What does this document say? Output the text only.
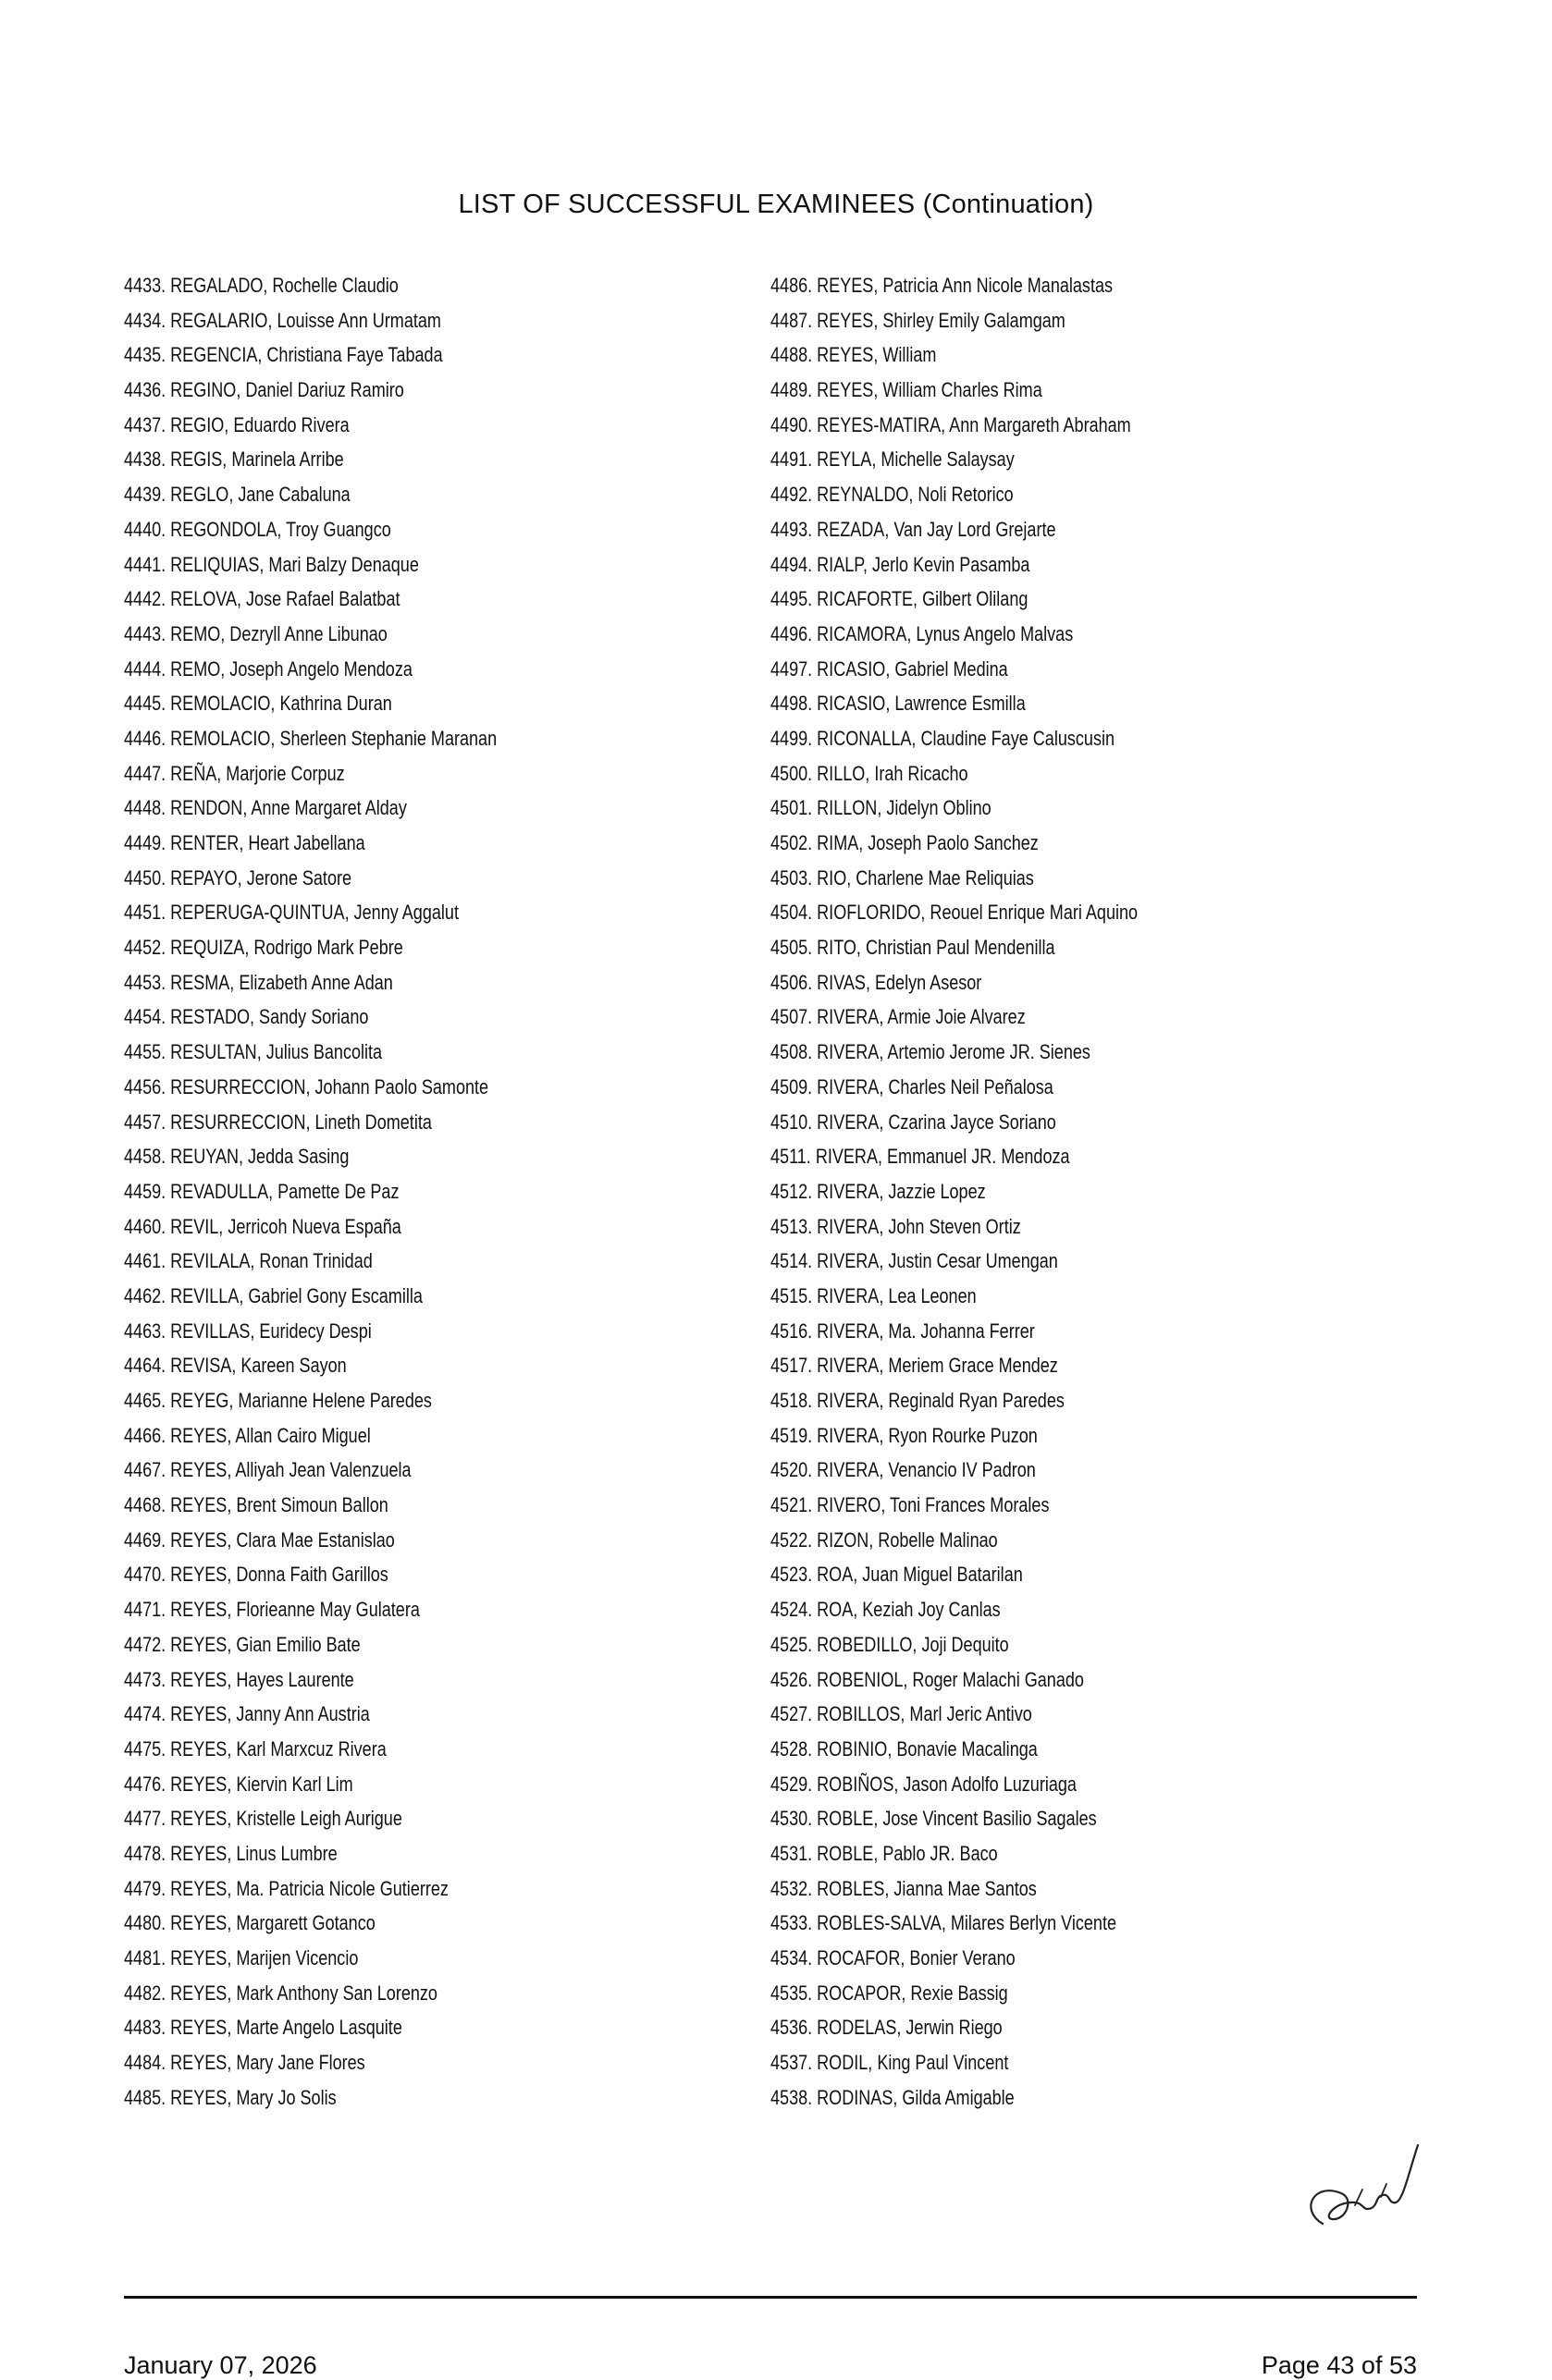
LIST OF SUCCESSFUL EXAMINEES (Continuation)
4433. REGALADO, Rochelle Claudio
4434. REGALARIO, Louisse Ann Urmatam
4435. REGENCIA, Christiana Faye Tabada
4436. REGINO, Daniel Dariuz Ramiro
4437. REGIO, Eduardo Rivera
4438. REGIS, Marinela Arribe
4439. REGLO, Jane Cabaluna
4440. REGONDOLA, Troy Guangco
4441. RELIQUIAS, Mari Balzy Denaque
4442. RELOVA, Jose Rafael Balatbat
4443. REMO, Dezryll Anne Libunao
4444. REMO, Joseph Angelo Mendoza
4445. REMOLACIO, Kathrina Duran
4446. REMOLACIO, Sherleen Stephanie Maranan
4447. REÑA, Marjorie Corpuz
4448. RENDON, Anne Margaret Alday
4449. RENTER, Heart Jabellana
4450. REPAYO, Jerone Satore
4451. REPERUGA-QUINTUA, Jenny Aggalut
4452. REQUIZA, Rodrigo Mark Pebre
4453. RESMA, Elizabeth Anne Adan
4454. RESTADO, Sandy Soriano
4455. RESULTAN, Julius Bancolita
4456. RESURRECCION, Johann Paolo Samonte
4457. RESURRECCION, Lineth Dometita
4458. REUYAN, Jedda Sasing
4459. REVADULLA, Pamette De Paz
4460. REVIL, Jerricoh Nueva España
4461. REVILALA, Ronan Trinidad
4462. REVILLA, Gabriel Gony Escamilla
4463. REVILLAS, Euridecy Despi
4464. REVISA, Kareen Sayon
4465. REYEG, Marianne Helene Paredes
4466. REYES, Allan Cairo Miguel
4467. REYES, Alliyah Jean Valenzuela
4468. REYES, Brent Simoun Ballon
4469. REYES, Clara Mae Estanislao
4470. REYES, Donna Faith Garillos
4471. REYES, Florieanne May Gulatera
4472. REYES, Gian Emilio Bate
4473. REYES, Hayes Laurente
4474. REYES, Janny Ann Austria
4475. REYES, Karl Marxcuz Rivera
4476. REYES, Kiervin Karl Lim
4477. REYES, Kristelle Leigh Aurigue
4478. REYES, Linus Lumbre
4479. REYES, Ma. Patricia Nicole Gutierrez
4480. REYES, Margarett Gotanco
4481. REYES, Marijen Vicencio
4482. REYES, Mark Anthony San Lorenzo
4483. REYES, Marte Angelo Lasquite
4484. REYES, Mary Jane Flores
4485. REYES, Mary Jo Solis
4486. REYES, Patricia Ann Nicole Manalastas
4487. REYES, Shirley Emily Galamgam
4488. REYES, William
4489. REYES, William Charles Rima
4490. REYES-MATIRA, Ann Margareth Abraham
4491. REYLA, Michelle Salaysay
4492. REYNALDO, Noli Retorico
4493. REZADA, Van Jay Lord Grejarte
4494. RIALP, Jerlo Kevin Pasamba
4495. RICAFORTE, Gilbert Olilang
4496. RICAMORA, Lynus Angelo Malvas
4497. RICASIO, Gabriel Medina
4498. RICASIO, Lawrence Esmilla
4499. RICONALLA, Claudine Faye Caluscusin
4500. RILLO, Irah Ricacho
4501. RILLON, Jidelyn Oblino
4502. RIMA, Joseph Paolo Sanchez
4503. RIO, Charlene Mae Reliquias
4504. RIOFLORIDO, Reouel Enrique Mari Aquino
4505. RITO, Christian Paul Mendenilla
4506. RIVAS, Edelyn Asesor
4507. RIVERA, Armie Joie Alvarez
4508. RIVERA, Artemio Jerome JR. Sienes
4509. RIVERA, Charles Neil Peñalosa
4510. RIVERA, Czarina Jayce Soriano
4511. RIVERA, Emmanuel JR. Mendoza
4512. RIVERA, Jazzie Lopez
4513. RIVERA, John Steven Ortiz
4514. RIVERA, Justin Cesar Umengan
4515. RIVERA, Lea Leonen
4516. RIVERA, Ma. Johanna Ferrer
4517. RIVERA, Meriem Grace Mendez
4518. RIVERA, Reginald Ryan Paredes
4519. RIVERA, Ryon Rourke Puzon
4520. RIVERA, Venancio IV Padron
4521. RIVERO, Toni Frances Morales
4522. RIZON, Robelle Malinao
4523. ROA, Juan Miguel Batarilan
4524. ROA, Keziah Joy Canlas
4525. ROBEDILLO, Joji Dequito
4526. ROBENIOL, Roger Malachi Ganado
4527. ROBILLOS, Marl Jeric Antivo
4528. ROBINIO, Bonavie Macalinga
4529. ROBIÑOS, Jason Adolfo Luzuriaga
4530. ROBLE, Jose Vincent Basilio Sagales
4531. ROBLE, Pablo JR. Baco
4532. ROBLES, Jianna Mae Santos
4533. ROBLES-SALVA, Milares Berlyn Vicente
4534. ROCAFOR, Bonier Verano
4535. ROCAPOR, Rexie Bassig
4536. RODELAS, Jerwin Riego
4537. RODIL, King Paul Vincent
4538. RODINAS, Gilda Amigable
January 07, 2026	Page 43 of 53
